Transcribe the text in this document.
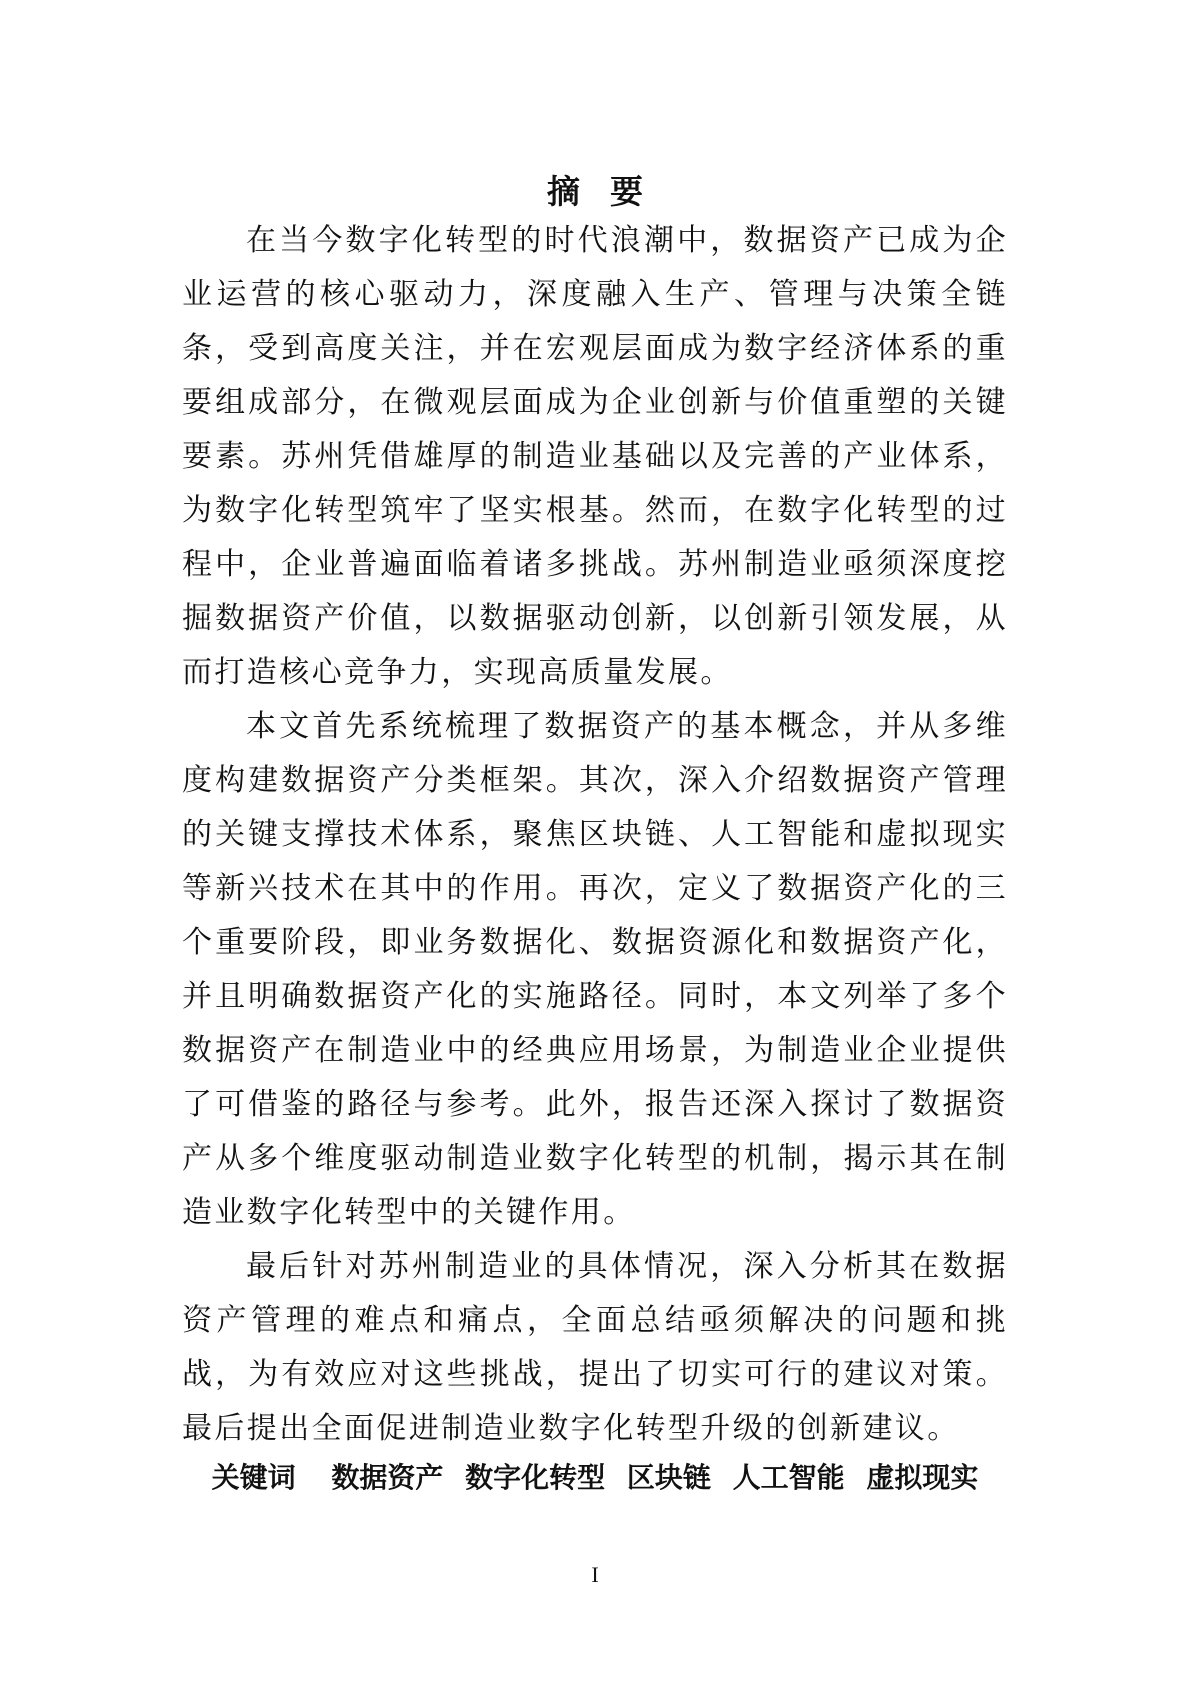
摘要

在当今数字化转型的时代浪潮中，数据资产已成为企业运营的核心驱动力，深度融入生产、管理与决策全链条，受到高度关注，并在宏观层面成为数字经济体系的重要组成部分，在微观层面成为企业创新与价值重塑的关键要素。苏州凭借雄厚的制造业基础以及完善的产业体系，为数字化转型筑牢了坚实根基。然而，在数字化转型的过程中，企业普遍面临着诸多挑战。苏州制造业亟须深度挖掘数据资产价值，以数据驱动创新，以创新引领发展，从而打造核心竞争力，实现高质量发展。

本文首先系统梳理了数据资产的基本概念，并从多维度构建数据资产分类框架。其次，深入介绍数据资产管理的关键支撑技术体系，聚焦区块链、人工智能和虚拟现实等新兴技术在其中的作用。再次，定义了数据资产化的三个重要阶段，即业务数据化、数据资源化和数据资产化，并且明确数据资产化的实施路径。同时，本文列举了多个数据资产在制造业中的经典应用场景，为制造业企业提供了可借鉴的路径与参考。此外，报告还深入探讨了数据资产从多个维度驱动制造业数字化转型的机制，揭示其在制造业数字化转型中的关键作用。

最后针对苏州制造业的具体情况，深入分析其在数据资产管理的难点和痛点，全面总结亟须解决的问题和挑战，为有效应对这些挑战，提出了切实可行的建议对策。最后提出全面促进制造业数字化转型升级的创新建议。

关键词 数据资产 数字化转型 区块链 人工智能 虚拟现实
I
